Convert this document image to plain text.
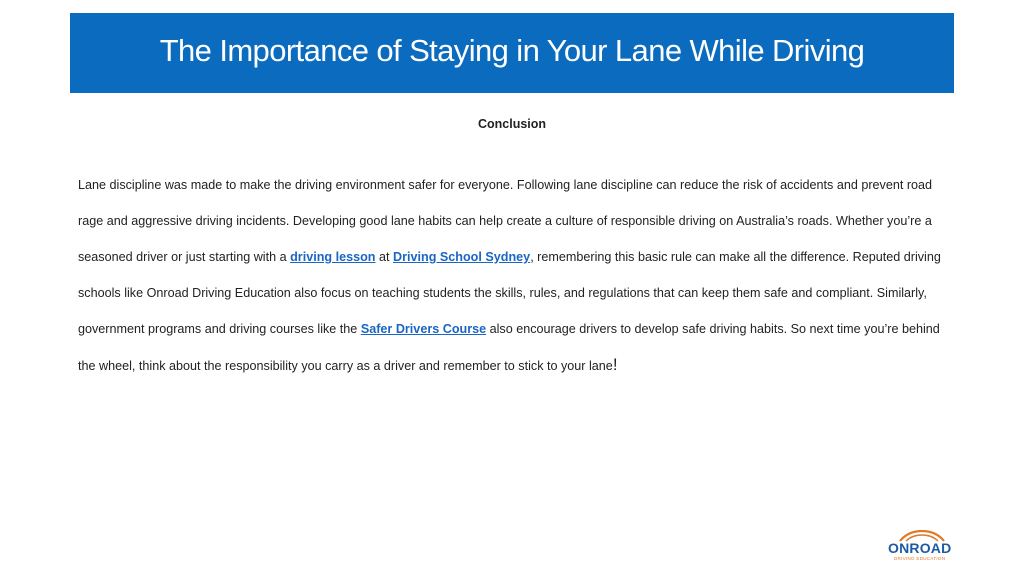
The Importance of Staying in Your Lane While Driving
Conclusion

Lane discipline was made to make the driving environment safer for everyone. Following lane discipline can reduce the risk of accidents and prevent road rage and aggressive driving incidents. Developing good lane habits can help create a culture of responsible driving on Australia’s roads. Whether you’re a seasoned driver or just starting with a driving lesson at Driving School Sydney, remembering this basic rule can make all the difference. Reputed driving schools like Onroad Driving Education also focus on teaching students the skills, rules, and regulations that can keep them safe and compliant. Similarly, government programs and driving courses like the Safer Drivers Course also encourage drivers to develop safe driving habits. So next time you’re behind the wheel, think about the responsibility you carry as a driver and remember to stick to your lane!

ONROAD
DRIVING EDUCATION
